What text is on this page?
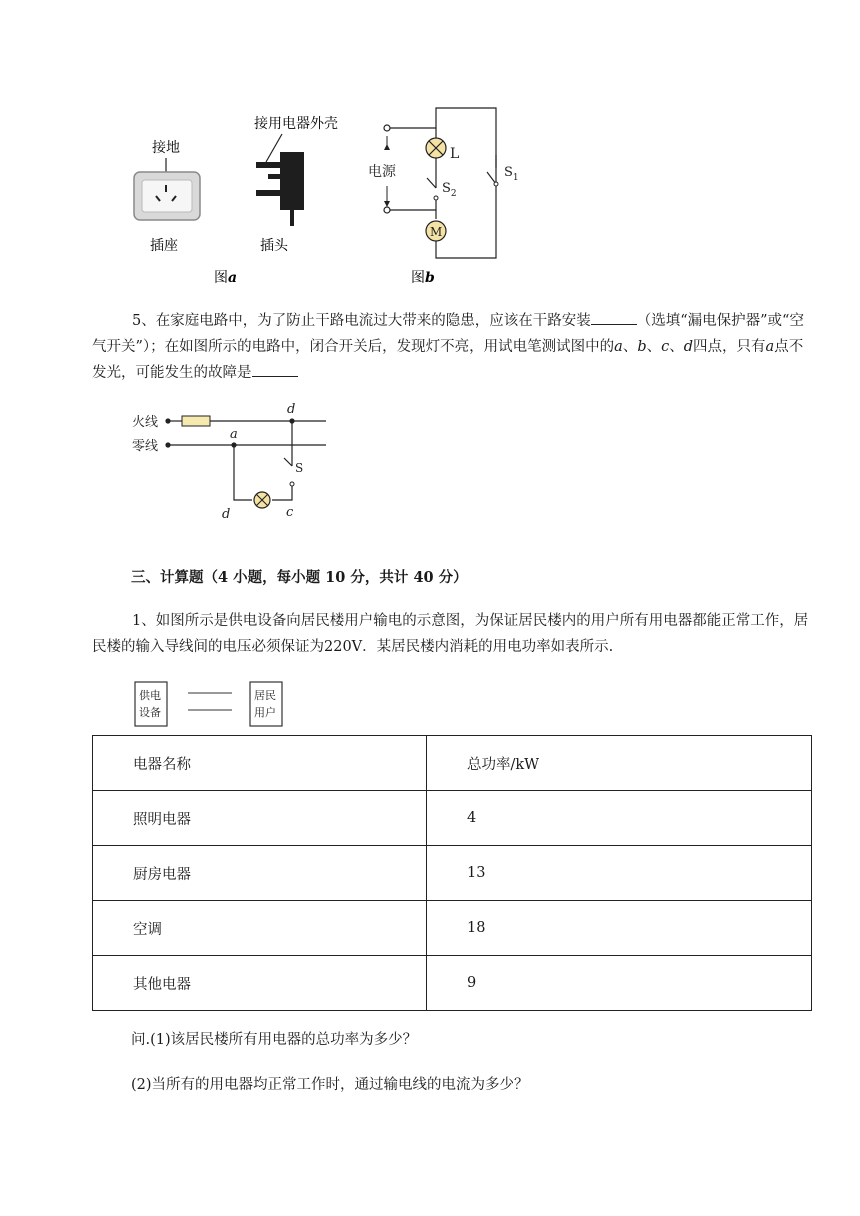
接地
插座
接用电器外壳
插头
图a	图b
M
L
电源
$S_2$
$S_1$
5、在家庭电路中，为了防止干路电流过大带来的隐患，应该在干路安装	（选填“漏电保护器”或“空气开关”）；在如图所示的电路中，闭合开关后，发现灯不亮，用试电笔测试图中的a、b、c、d四点，只有a点不发光，可能发生的故障是
火线
零线
d
a
S
d	c
三、计算题（4 小题，每小题 10 分，共计 40 分）
1、如图所示是供电设备向居民楼用户输电的示意图，为保证居民楼内的用户所有用电器都能正常工作，居民楼的输入导线间的电压必须保证为220V．某居民楼内消耗的用电功率如表所示.
供电
设备
居民
用户
电器名称	总功率/kW
照明电器	4
厨房电器	13
空调	18
其他电器	9
问.(1)该居民楼所有用电器的总功率为多少？
(2)当所有的用电器均正常工作时，通过输电线的电流为多少？
